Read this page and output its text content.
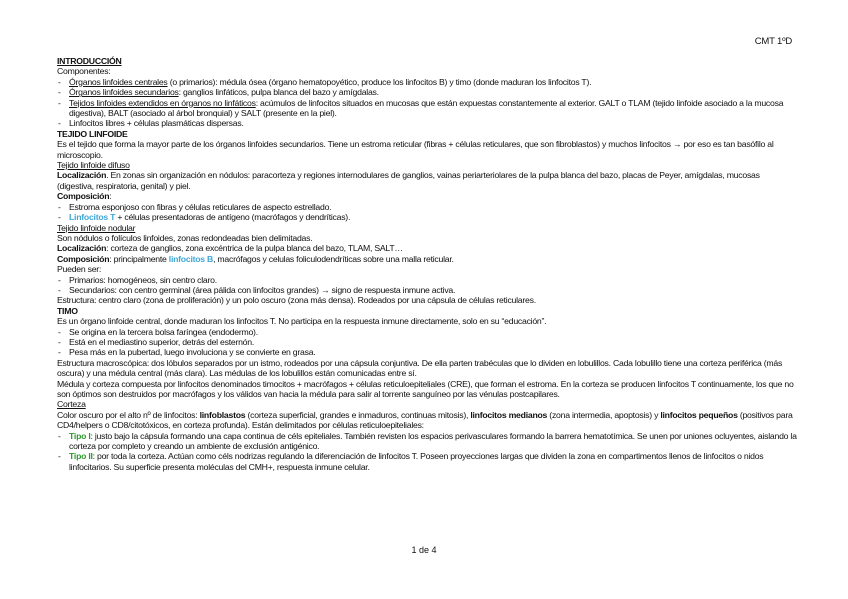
CMT 1ºD

INTRODUCCIÓN

Componentes:

- Órganos linfoides centrales (o primarios): médula ósea (órgano hematopoyético, produce los linfocitos B) y timo (donde maduran los linfocitos T).
- Órganos linfoides secundarios: ganglios linfáticos, pulpa blanca del bazo y amígdalas.
- Tejidos linfoides extendidos en órganos no linfáticos: acúmulos de linfocitos situados en mucosas que están expuestas constantemente al exterior. GALT o TLAM (tejido linfoide asociado a la mucosa digestiva), BALT (asociado al árbol bronquial) y SALT (presente en la piel).
- Linfocitos libres + células plasmáticas dispersas.

TEJIDO LINFOIDE

Es el tejido que forma la mayor parte de los órganos linfoides secundarios. Tiene un estroma reticular (fibras + células reticulares, que son fibroblastos) y muchos linfocitos → por eso es tan basófilo al microscopio.

Tejido linfoide difuso

Localización. En zonas sin organización en nódulos: paracorteza y regiones internodulares de ganglios, vainas periarteriolares de la pulpa blanca del bazo, placas de Peyer, amígdalas, mucosas (digestiva, respiratoria, genital) y piel.

Composición:

- Estroma esponjoso con fibras y células reticulares de aspecto estrellado.
- Linfocitos T + células presentadoras de antígeno (macrófagos y dendríticas).

Tejido linfoide nodular

Son nódulos o folículos linfoides, zonas redondeadas bien delimitadas.

Localización: corteza de ganglios, zona excéntrica de la pulpa blanca del bazo, TLAM, SALT…

Composición: principalmente linfocitos B, macrófagos y celulas foliculodendríticas sobre una malla reticular.

Pueden ser:

- Primarios: homogéneos, sin centro claro.
- Secundarios: con centro germinal (área pálida con linfocitos grandes) → signo de respuesta inmune activa.

Estructura: centro claro (zona de proliferación) y un polo oscuro (zona más densa). Rodeados por una cápsula de células reticulares.

TIMO

Es un órgano linfoide central, donde maduran los linfocitos T. No participa en la respuesta inmune directamente, solo en su “educación”.

- Se origina en la tercera bolsa faríngea (endodermo).
- Está en el mediastino superior, detrás del esternón.
- Pesa más en la pubertad, luego involuciona y se convierte en grasa.

Estructura macroscópica: dos lóbulos separados por un istmo, rodeados por una cápsula conjuntiva. De ella parten trabéculas que lo dividen en lobulillos. Cada lobulillo tiene una corteza periférica (más oscura) y una médula central (más clara). Las médulas de los lobulillos están comunicadas entre sí.

Médula y corteza compuesta por linfocitos denominados timocitos + macrófagos + células reticuloepiteliales (CRE), que forman el estroma. En la corteza se producen linfocitos T continuamente, los que no son óptimos son destruidos por macrófagos y los válidos van hacia la médula para salir al torrente sanguíneo por las vénulas postcapilares.

Corteza

Color oscuro por el alto nº de linfocitos: linfoblastos (corteza superficial, grandes e inmaduros, continuas mitosis), linfocitos medianos (zona intermedia, apoptosis) y linfocitos pequeños (positivos para CD4/helpers o CD8/citotóxicos, en corteza profunda). Están delimitados por células reticuloepiteliales:

- Tipo I: justo bajo la cápsula formando una capa continua de céls epiteliales. También revisten los espacios perivasculares formando la barrera hematotímica. Se unen por uniones ocluyentes, aislando la corteza por completo y creando un ambiente de exclusión antigénico.
- Tipo II: por toda la corteza. Actúan como céls nodrizas regulando la diferenciación de linfocitos T. Poseen proyecciones largas que dividen la zona en compartimentos llenos de linfocitos o nidos linfocitarios. Su superficie presenta moléculas del CMH+, respuesta inmune celular.
1 de 4
